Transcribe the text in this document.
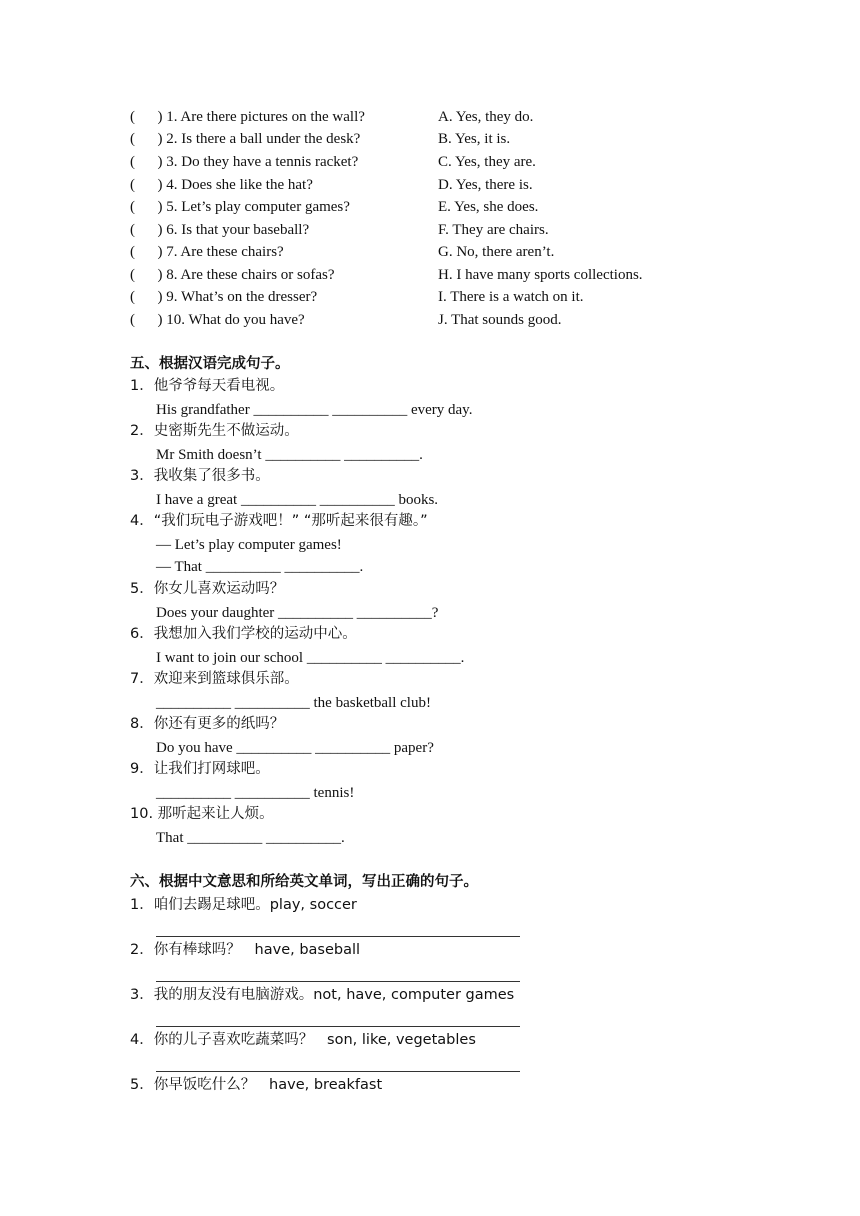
(      ) 1. Are there pictures on the wall?	A. Yes, they do.
(      ) 2. Is there a ball under the desk?	B. Yes, it is.
(      ) 3. Do they have a tennis racket?	C. Yes, they are.
(      ) 4. Does she like the hat?	D. Yes, there is.
(      ) 5. Let’s play computer games?	E. Yes, she does.
(      ) 6. Is that your baseball?	F. They are chairs.
(      ) 7. Are these chairs?	G. No, there aren’t.
(      ) 8. Are these chairs or sofas?	H. I have many sports collections.
(      ) 9. What’s on the dresser?	I. There is a watch on it.
(      ) 10. What do you have?	J. That sounds good.
五、根据汉语完成句子。
1．他爷爷每天看电视。
His grandfather __________ __________ every day.
2．史密斯先生不做运动。
Mr Smith doesn’t __________ __________.
3．我收集了很多书。
I have a great __________ __________ books.
4．“我们玩电子游戏吧！” “那听起来很有趣。”
— Let’s play computer games!
— That __________ __________.
5．你女儿喜欢运动吗？
Does your daughter __________ __________?
6．我想加入我们学校的运动中心。
I want to join our school __________ __________.
7．欢迎来到篮球俱乐部。
__________ __________ the basketball club!
8．你还有更多的纸吗？
Do you have __________ __________ paper?
9．让我们打网球吧。
__________ __________ tennis!
10. 那听起来让人烦。
That __________ __________.
六、根据中文意思和所给英文单词，写出正确的句子。
1．咱们去踢足球吧。play, soccer
2．你有棒球吗？   have, baseball
3．我的朋友没有电脑游戏。not, have, computer games
4．你的儿子喜欢吃蔬菜吗？   son, like, vegetables
5．你早饭吃什么？   have, breakfast
